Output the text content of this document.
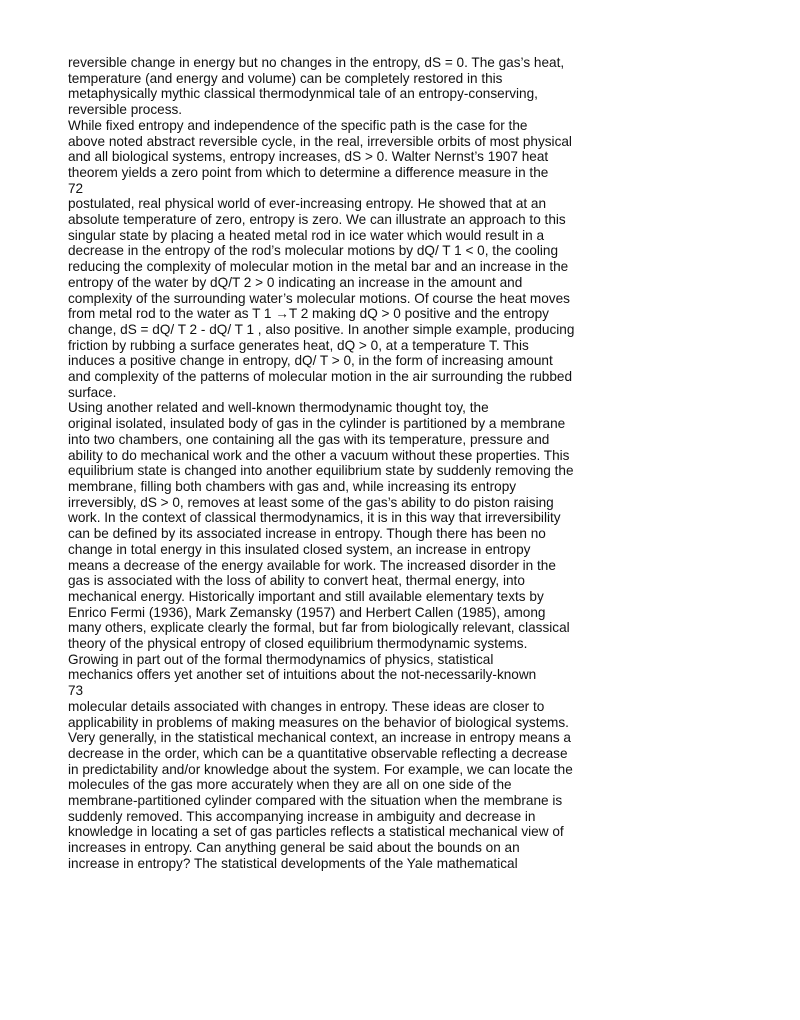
reversible change in energy but no changes in the entropy, dS = 0. The gas’s heat,
temperature (and energy and volume) can be completely restored in this
metaphysically mythic classical thermodynmical tale of an entropy-conserving,
reversible process.
While fixed entropy and independence of the specific path is the case for the
above noted abstract reversible cycle, in the real, irreversible orbits of most physical
and all biological systems, entropy increases, dS > 0. Walter Nernst’s 1907 heat
theorem yields a zero point from which to determine a difference measure in the
72
postulated, real physical world of ever-increasing entropy. He showed that at an
absolute temperature of zero, entropy is zero. We can illustrate an approach to this
singular state by placing a heated metal rod in ice water which would result in a
decrease in the entropy of the rod’s molecular motions by dQ/ T 1 < 0, the cooling
reducing the complexity of molecular motion in the metal bar and an increase in the
entropy of the water by dQ/T 2 > 0 indicating an increase in the amount and
complexity of the surrounding water’s molecular motions. Of course the heat moves
from metal rod to the water as T 1 →T 2 making dQ > 0 positive and the entropy
change, dS = dQ/ T 2 - dQ/ T 1 , also positive. In another simple example, producing
friction by rubbing a surface generates heat, dQ > 0, at a temperature T. This
induces a positive change in entropy, dQ/ T > 0, in the form of increasing amount
and complexity of the patterns of molecular motion in the air surrounding the rubbed
surface.
Using another related and well-known thermodynamic thought toy, the
original isolated, insulated body of gas in the cylinder is partitioned by a membrane
into two chambers, one containing all the gas with its temperature, pressure and
ability to do mechanical work and the other a vacuum without these properties. This
equilibrium state is changed into another equilibrium state by suddenly removing the
membrane, filling both chambers with gas and, while increasing its entropy
irreversibly, dS > 0, removes at least some of the gas’s ability to do piston raising
work. In the context of classical thermodynamics, it is in this way that irreversibility
can be defined by its associated increase in entropy. Though there has been no
change in total energy in this insulated closed system, an increase in entropy
means a decrease of the energy available for work. The increased disorder in the
gas is associated with the loss of ability to convert heat, thermal energy, into
mechanical energy. Historically important and still available elementary texts by
Enrico Fermi (1936), Mark Zemansky (1957) and Herbert Callen (1985), among
many others, explicate clearly the formal, but far from biologically relevant, classical
theory of the physical entropy of closed equilibrium thermodynamic systems.
Growing in part out of the formal thermodynamics of physics, statistical
mechanics offers yet another set of intuitions about the not-necessarily-known
73
molecular details associated with changes in entropy. These ideas are closer to
applicability in problems of making measures on the behavior of biological systems.
Very generally, in the statistical mechanical context, an increase in entropy means a
decrease in the order, which can be a quantitative observable reflecting a decrease
in predictability and/or knowledge about the system. For example, we can locate the
molecules of the gas more accurately when they are all on one side of the
membrane-partitioned cylinder compared with the situation when the membrane is
suddenly removed. This accompanying increase in ambiguity and decrease in
knowledge in locating a set of gas particles reflects a statistical mechanical view of
increases in entropy. Can anything general be said about the bounds on an
increase in entropy? The statistical developments of the Yale mathematical
